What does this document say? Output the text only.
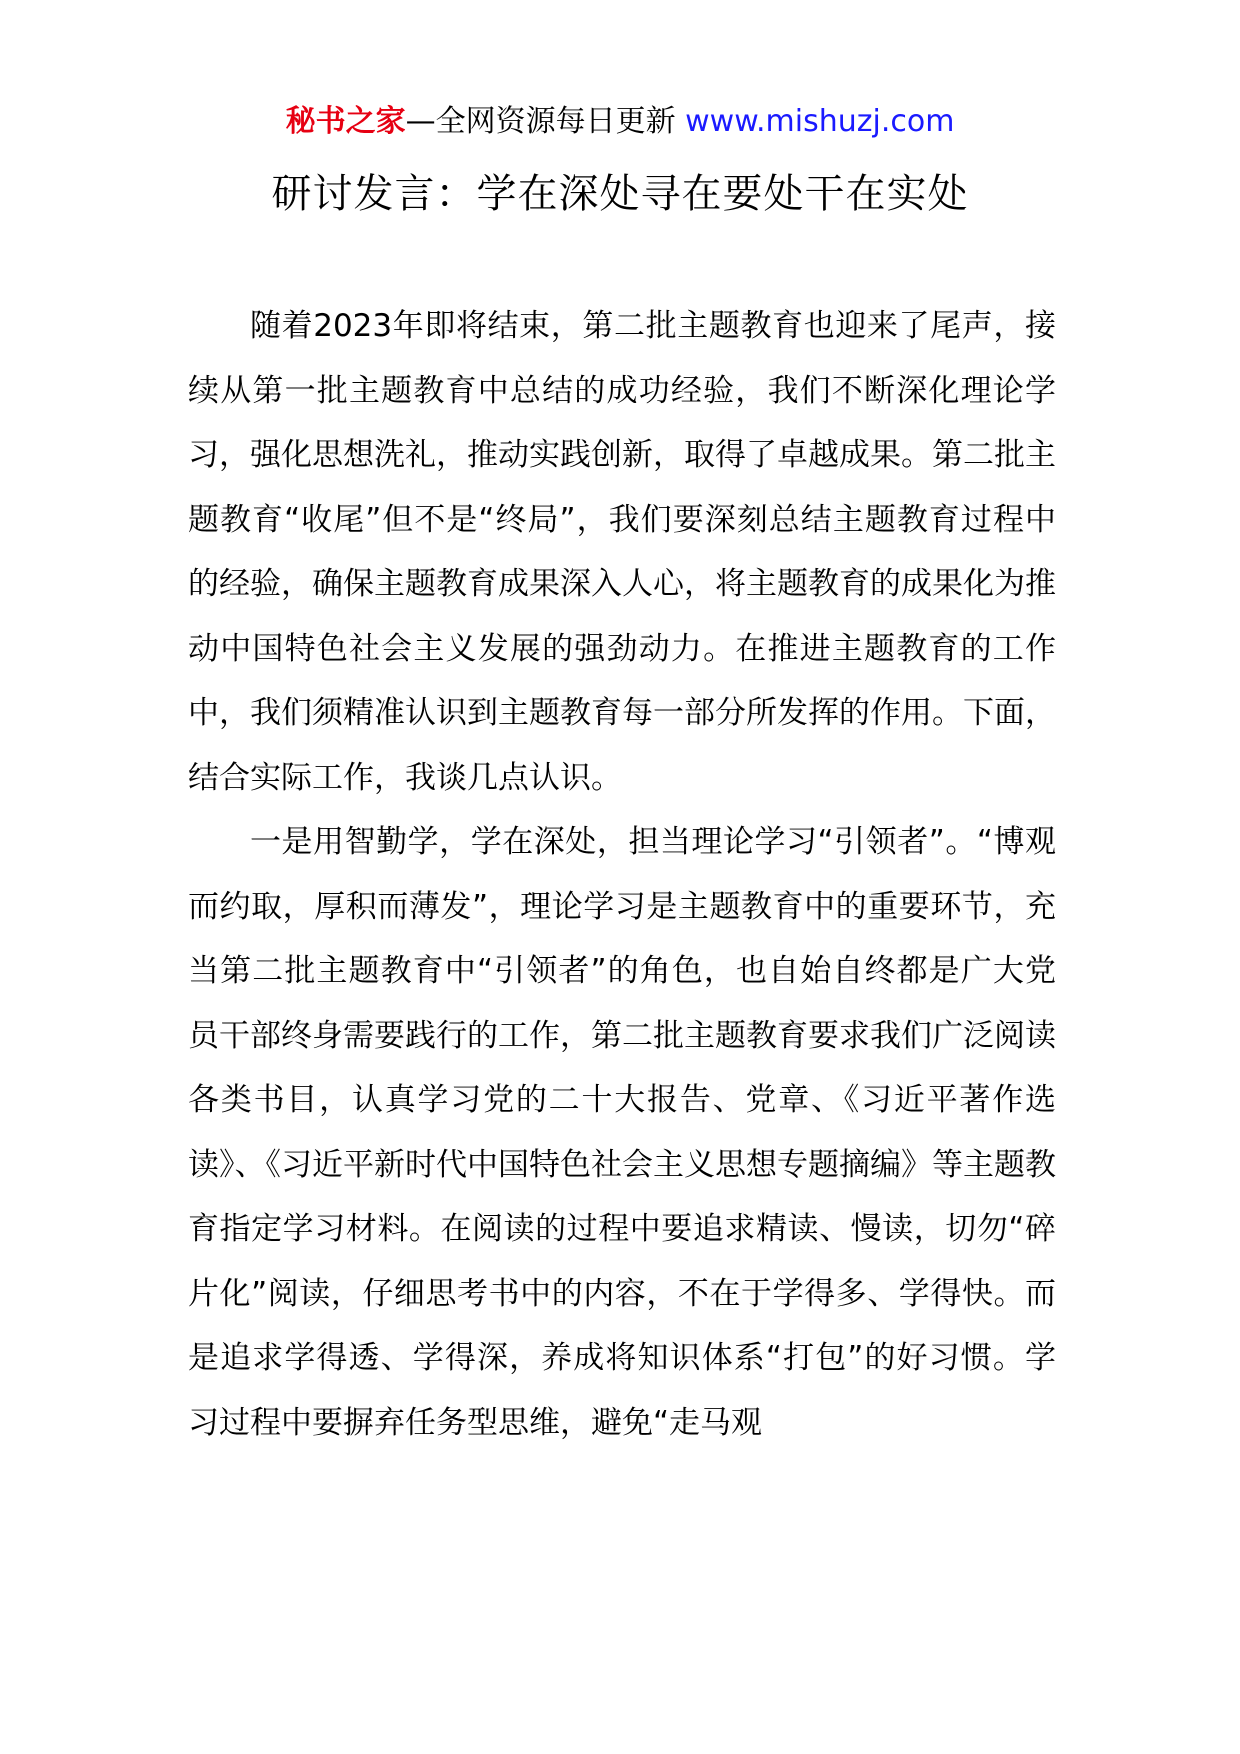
秘书之家—全网资源每日更新 www.mishuzj.com
研讨发言：学在深处寻在要处干在实处

随着2023年即将结束，第二批主题教育也迎来了尾声，接续从第一批主题教育中总结的成功经验，我们不断深化理论学习，强化思想洗礼，推动实践创新，取得了卓越成果。第二批主题教育“收尾”但不是“终局”，我们要深刻总结主题教育过程中的经验，确保主题教育成果深入人心，将主题教育的成果化为推动中国特色社会主义发展的强劲动力。在推进主题教育的工作中，我们须精准认识到主题教育每一部分所发挥的作用。下面，结合实际工作，我谈几点认识。

一是用智勤学，学在深处，担当理论学习“引领者”。“博观而约取，厚积而薄发”，理论学习是主题教育中的重要环节，充当第二批主题教育中“引领者”的角色，也自始自终都是广大党员干部终身需要践行的工作，第二批主题教育要求我们广泛阅读各类书目，认真学习党的二十大报告、党章、《习近平著作选读》、《习近平新时代中国特色社会主义思想专题摘编》等主题教育指定学习材料。在阅读的过程中要追求精读、慢读，切勿“碎片化”阅读，仔细思考书中的内容，不在于学得多、学得快。而是追求学得透、学得深，养成将知识体系“打包”的好习惯。学习过程中要摒弃任务型思维，避免“走马观
